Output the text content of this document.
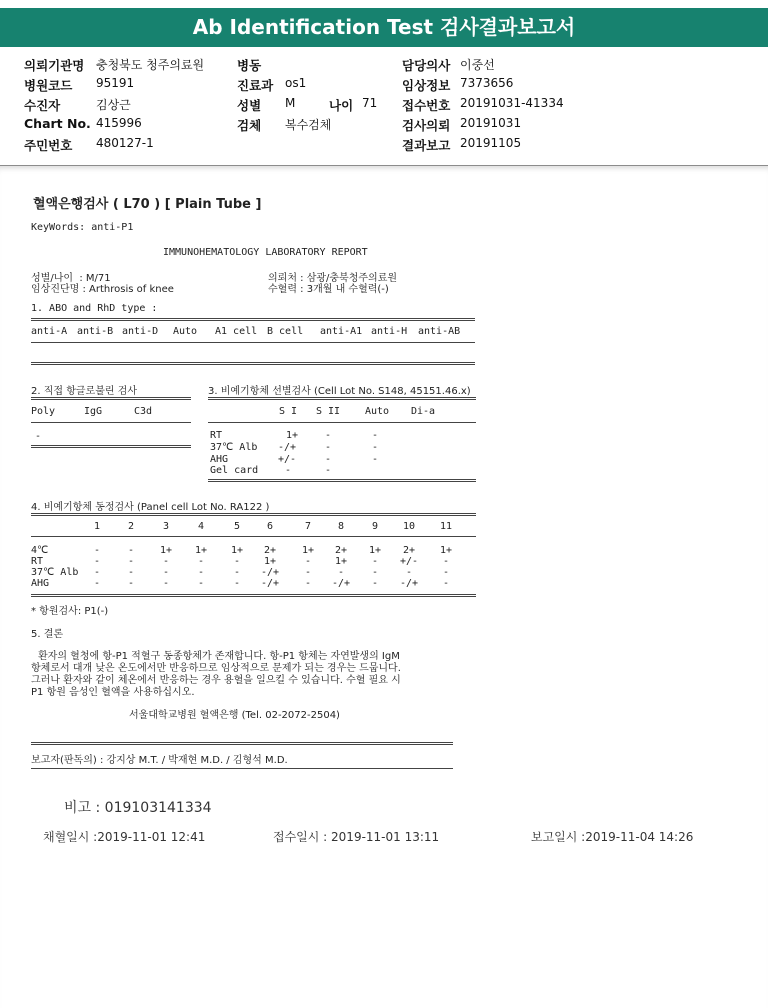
Ab Identification Test 검사결과보고서
의뢰기관명 충청북도 청주의료원	병동	담당의사 이중선
병원코드 95191	진료과 os1	임상정보 7373656
수진자	김상근	성별 M	나이 71 접수번호 20191031-41334
Chart No. 415996	검체 복수검체	검사의뢰 20191031
주민번호 480127-1	결과보고 20191105
혈액은행검사 ( L70 ) [ Plain Tube ]
KeyWords: anti-P1
IMMUNOHEMATOLOGY LABORATORY REPORT
성별/나이  : M/71
임상진단명 : Arthrosis of knee
의뢰처 : 삼광/충북청주의료원
수혈력 : 3개월 내 수혈력(-)
1. ABO and RhD type :
anti-A anti-B anti-D Auto A1 cell B cell anti-A1 anti-H anti-AB
2. 직접 항글로불린 검사
Poly	IgG	C3d
-
3. 비예기항체 선별검사 (Cell Lot No. S148, 45151.46.x)
S I	S II Auto Di-a
RT	1+	-	-
37℃ Alb	-/+	-	-
AHG	+/-	-	-
Gel card	-	-
4. 비예기항체 동정검사 (Panel cell Lot No. RA122 )
1	2	3	4	5	6	7	8	9	10	11
4℃	-	-	1+	1+	1+	2+	1+	2+	1+	2+	1+
RT	-	-	-	-	-	1+	-	1+	-	+/-	-
37℃ Alb	-	-	-	-	-	-/+	-	-	-	-	-
AHG	-	-	-	-	-	-/+	-	-/+	-	-/+	-
* 항원검사: P1(-)
5. 결론
환자의 혈청에 항-P1 적혈구 동종항체가 존재합니다. 항-P1 항체는 자연발생의 IgM
항체로서 대개 낮은 온도에서만 반응하므로 임상적으로 문제가 되는 경우는 드뭅니다.
그러나 환자와 같이 체온에서 반응하는 경우 용혈을 일으킬 수 있습니다. 수혈 필요 시
P1 항원 음성인 혈액을 사용하십시오.
서울대학교병원 혈액은행 (Tel. 02-2072-2504)
보고자(판독의) : 강지상 M.T. / 박재현 M.D. / 김형석 M.D.
비고 : 019103141334
채혈일시 :2019-11-01 12:41	접수일시 : 2019-11-01 13:11	보고일시 :2019-11-04 14:26
